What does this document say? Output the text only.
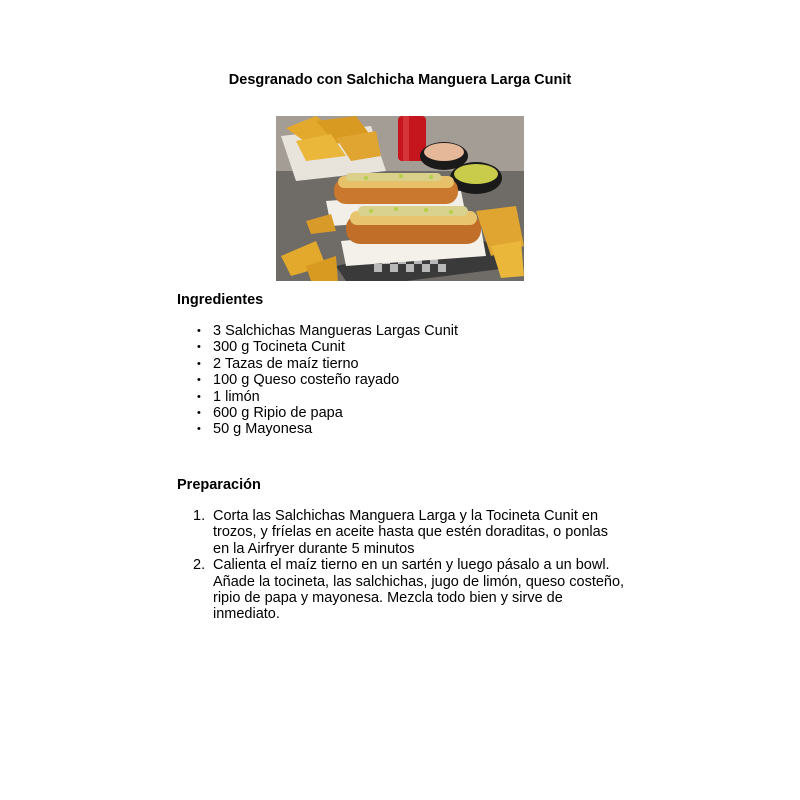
Desgranado con Salchicha Manguera Larga Cunit
Ingredientes
• 3 Salchichas Mangueras Largas Cunit
• 300 g Tocineta Cunit
• 2 Tazas de maíz tierno
• 100 g Queso costeño rayado
• 1 limón
• 600 g Ripio de papa
• 50 g Mayonesa
Preparación
1. Corta las Salchichas Manguera Larga y la Tocineta Cunit en trozos, y fríelas en aceite hasta que estén doraditas, o ponlas en la Airfryer durante 5 minutos
2. Calienta el maíz tierno en un sartén y luego pásalo a un bowl. Añade la tocineta, las salchichas, jugo de limón, queso costeño, ripio de papa y mayonesa. Mezcla todo bien y sirve de inmediato.
